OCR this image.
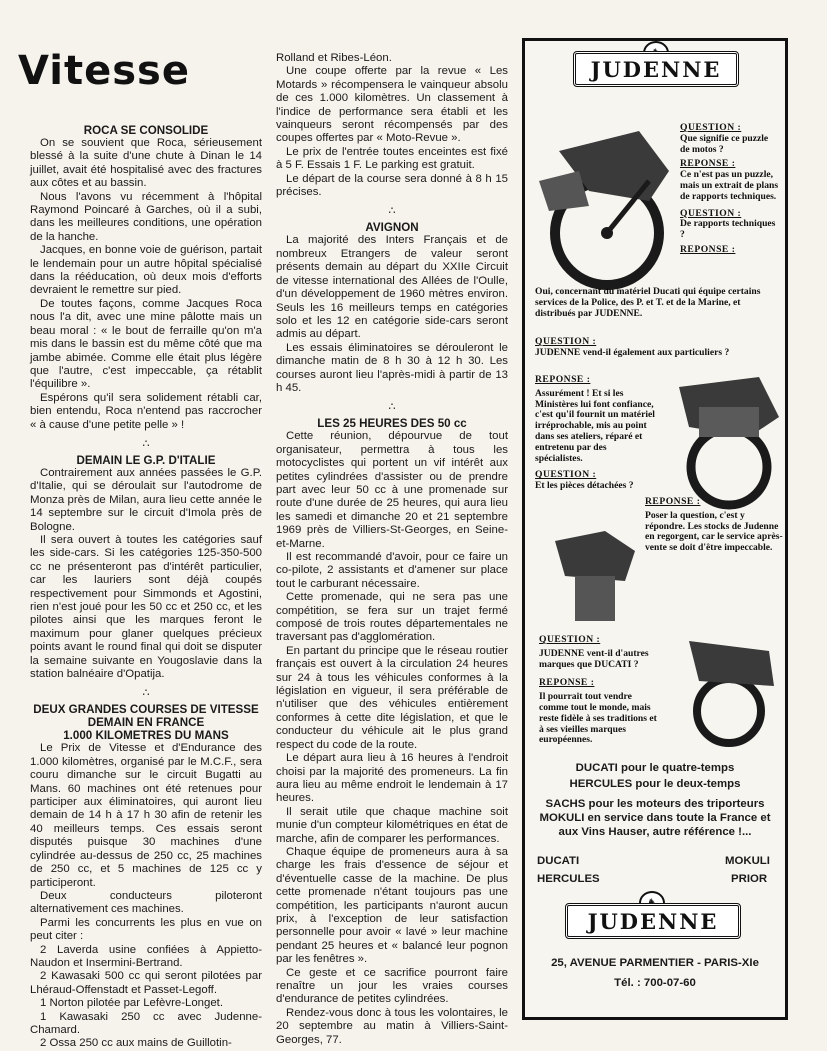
Vitesse
ROCA SE CONSOLIDE

On se souvient que Roca, sérieusement blessé à la suite d'une chute à Dinan le 14 juillet, avait été hospitalisé avec des fractures aux côtes et au bassin.

Nous l'avons vu récemment à l'hôpital Raymond Poincaré à Garches, où il a subi, dans les meilleures conditions, une opération de la hanche.

Jacques, en bonne voie de guérison, partait le lendemain pour un autre hôpital spécialisé dans la rééducation, où deux mois d'efforts devraient le remettre sur pied.

De toutes façons, comme Jacques Roca nous l'a dit, avec une mine pâlotte mais un beau moral : « le bout de ferraille qu'on m'a mis dans le bassin est du même côté que ma jambe abimée. Comme elle était plus légère que l'autre, c'est impeccable, ça rétablit l'équilibre ».

Espérons qu'il sera solidement rétabli car, bien entendu, Roca n'entend pas raccrocher « à cause d'une petite pelle » !

∴
DEMAIN LE G.P. D'ITALIE

Contrairement aux années passées le G.P. d'Italie, qui se déroulait sur l'autodrome de Monza près de Milan, aura lieu cette année le 14 septembre sur le circuit d'Imola près de Bologne.

Il sera ouvert à toutes les catégories sauf les side-cars. Si les catégories 125-350-500 cc ne présenteront pas d'intérêt particulier, car les lauriers sont déjà coupés respectivement pour Simmonds et Agostini, rien n'est joué pour les 50 cc et 250 cc, et les pilotes ainsi que les marques feront le maximum pour glaner quelques précieux points avant le round final qui doit se disputer la semaine suivante en Yougoslavie dans la station balnéaire d'Opatija.

∴
DEUX GRANDES COURSES DE VITESSE DEMAIN EN FRANCE
1.000 KILOMETRES DU MANS

Le Prix de Vitesse et d'Endurance des 1.000 kilomètres, organisé par le M.C.F., sera couru dimanche sur le circuit Bugatti au Mans. 60 machines ont été retenues pour participer aux éliminatoires, qui auront lieu demain de 14 h à 17 h 30 afin de retenir les 40 meilleurs temps. Ces essais seront disputés puisque 30 machines d'une cylindrée au-dessus de 250 cc, 25 machines de 250 cc, et 5 machines de 125 cc y participeront.

Deux conducteurs piloteront alternativement ces machines.

Parmi les concurrents les plus en vue on peut citer :

2 Laverda usine confiées à Appietto-Naudon et Insermini-Bertrand.
2 Kawasaki 500 cc qui seront pilotées par Lhéraud-Offenstadt et Passet-Legoff.
1 Norton pilotée par Lefèvre-Longet.
1 Kawasaki 250 cc avec Judenne-Chamard.
2 Ossa 250 cc aux mains de Guillotin-

Rolland et Ribes-Léon.

Une coupe offerte par la revue « Les Motards » récompensera le vainqueur absolu de ces 1.000 kilomètres. Un classement à l'indice de performance sera établi et les vainqueurs seront récompensés par des coupes offertes par « Moto-Revue ».

Le prix de l'entrée toutes enceintes est fixé à 5 F. Essais 1 F. Le parking est gratuit.

Le départ de la course sera donné à 8 h 15 précises.

∴
AVIGNON

La majorité des Inters Français et de nombreux Etrangers de valeur seront présents demain au départ du XXIIe Circuit de vitesse international des Allées de l'Oulle, d'un développement de 1960 mètres environ. Seuls les 16 meilleurs temps en catégories solo et les 12 en catégorie side-cars seront admis au départ.

Les essais éliminatoires se dérouleront le dimanche matin de 8 h 30 à 12 h 30. Les courses auront lieu l'après-midi à partir de 13 h 45.

∴
LES 25 HEURES DES 50 cc

Cette réunion, dépourvue de tout organisateur, permettra à tous les motocyclistes qui portent un vif intérêt aux petites cylindrées d'assister ou de prendre part avec leur 50 cc à une promenade sur route d'une durée de 25 heures, qui aura lieu les samedi et dimanche 20 et 21 septembre 1969 près de Villiers-St-Georges, en Seine-et-Marne.

Il est recommandé d'avoir, pour ce faire un co-pilote, 2 assistants et d'amener sur place tout le carburant nécessaire.

Cette promenade, qui ne sera pas une compétition, se fera sur un trajet fermé composé de trois routes départementales ne traversant pas d'agglomération.

En partant du principe que le réseau routier français est ouvert à la circulation 24 heures sur 24 à tous les véhicules conformes à la législation en vigueur, il sera préférable de n'utiliser que des véhicules entièrement conformes à cette dite législation, et que le conducteur du véhicule ait le plus grand respect du code de la route.

Le départ aura lieu à 16 heures à l'endroit choisi par la majorité des promeneurs. La fin aura lieu au même endroit le lendemain à 17 heures.

Il serait utile que chaque machine soit munie d'un compteur kilométriques en état de marche, afin de comparer les performances.

Chaque équipe de promeneurs aura à sa charge les frais d'essence de séjour et d'éventuelle casse de la machine. De plus cette promenade n'étant toujours pas une compétition, les participants n'auront aucun prix, à l'exception de leur satisfaction personnelle pour avoir « lavé » leur machine pendant 25 heures et « balancé leur pognon par les fenêtres ».

Ce geste et ce sacrifice pourront faire renaître un jour les vraies courses d'endurance de petites cylindrées.

Rendez-vous donc à tous les volontaires, le 20 septembre au matin à Villiers-Saint-Georges, 77.

JUDENNE
QUESTION :
Que signifie ce puzzle de motos ?
REPONSE :
Ce n'est pas un puzzle, mais un extrait de plans de rapports techniques.
QUESTION :
De rapports techniques ?
REPONSE :
Oui, concernant du matériel Ducati qui équipe certains services de la Police, des P. et T. et de la Marine, et distribués par JUDENNE.
QUESTION :
JUDENNE vend-il également aux particuliers ?
REPONSE :
Assurément ! Et si les Ministères lui font confiance, c'est qu'il fournit un matériel irréprochable, mis au point dans ses ateliers, réparé et entretenu par des spécialistes.
QUESTION :
Et les pièces détachées ?
REPONSE :
Poser la question, c'est y répondre. Les stocks de Judenne en regorgent, car le service après-vente se doit d'être impeccable.
QUESTION :
JUDENNE vent-il d'autres marques que DUCATI ?
REPONSE :
Il pourrait tout vendre comme tout le monde, mais reste fidèle à ses traditions et à ses vieilles marques européennes.
DUCATI pour le quatre-temps
HERCULES pour le deux-temps
SACHS pour les moteurs des triporteurs MOKULI en service dans toute la France et aux Vins Hauser, autre référence !...
DUCATI	MOKULI
HERCULES	PRIOR
JUDENNE
25, AVENUE PARMENTIER - PARIS-XIe
Tél. : 700-07-60
